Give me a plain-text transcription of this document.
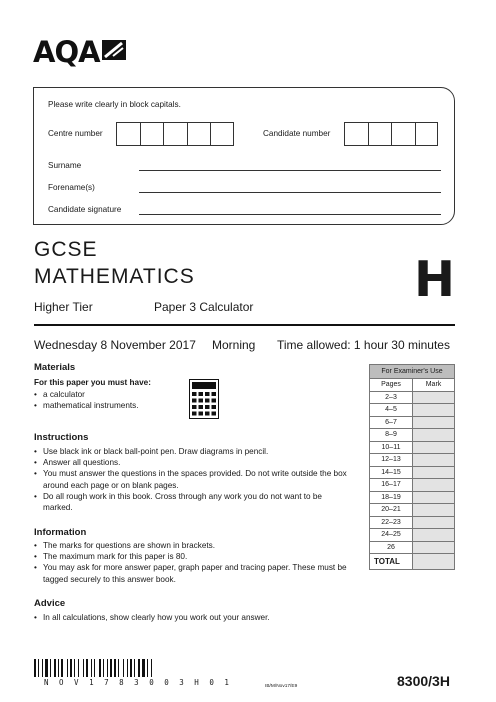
AQA
Please write clearly in block capitals.
Centre number	Candidate number
Surname
Forename(s)
Candidate signature
GCSE
MATHEMATICS	H
Higher Tier	Paper 3 Calculator
Wednesday 8 November 2017 Morning Time allowed: 1 hour 30 minutes
Materials
For this paper you must have:
• a calculator
• mathematical instruments.
Instructions
• Use black ink or black ball-point pen. Draw diagrams in pencil.
• Answer all questions.
• You must answer the questions in the spaces provided. Do not write outside the box around each page or on blank pages.
• Do all rough work in this book. Cross through any work you do not want to be marked.
Information
• The marks for questions are shown in brackets.
• The maximum mark for this paper is 80.
• You may ask for more answer paper, graph paper and tracing paper. These must be tagged securely to this answer book.
Advice
• In all calculations, show clearly how you work out your answer.
For Examiner's Use	
Pages	Mark
2–3	
4–5	
6–7	
8–9	
10–11	
12–13	
14–15	
16–17	
18–19	
20–21	
22–23	
24–25	
26	
TOTAL	
N O V 1 7 8 3 0 0 3 H 0 1	IB/M/Nov17/E9	8300/3H
